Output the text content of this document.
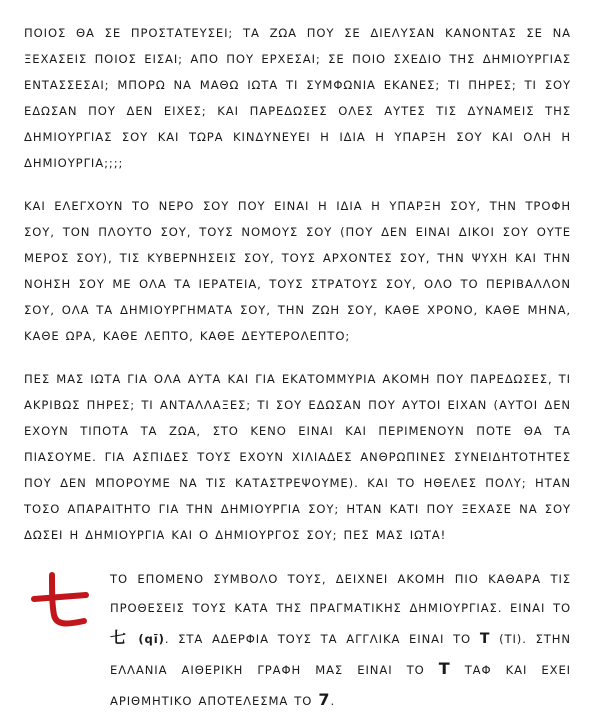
ΠΟΙΟΣ ΘΑ ΣΕ ΠΡΟΣΤΑΤΕΥΣΕΙ; ΤΑ ΖΩΑ ΠΟΥ ΣΕ ΔΙΕΛΥΣΑΝ ΚΑΝΟΝΤΑΣ ΣΕ ΝΑ ΞΕΧΑΣΕΙΣ ΠΟΙΟΣ ΕΙΣΑΙ; ΑΠΟ ΠΟΥ ΕΡΧΕΣΑΙ; ΣΕ ΠΟΙΟ ΣΧΕΔΙΟ ΤΗΣ ΔΗΜΙΟΥΡΓΙΑΣ ΕΝΤΑΣΣΕΣΑΙ; ΜΠΟΡΩ ΝΑ ΜΑΘΩ ΙΩΤΑ ΤΙ ΣΥΜΦΩΝΙΑ ΕΚΑΝΕΣ; ΤΙ ΠΗΡΕΣ; ΤΙ ΣΟΥ ΕΔΩΣΑΝ ΠΟΥ ΔΕΝ ΕΙΧΕΣ; ΚΑΙ ΠΑΡΕΔΩΣΕΣ ΟΛΕΣ ΑΥΤΕΣ ΤΙΣ ΔΥΝΑΜΕΙΣ ΤΗΣ ΔΗΜΙΟΥΡΓΙΑΣ ΣΟΥ ΚΑΙ ΤΩΡΑ ΚΙΝΔΥΝΕΥΕΙ Η ΙΔΙΑ Η ΥΠΑΡΞΗ ΣΟΥ ΚΑΙ ΟΛΗ Η ΔΗΜΙΟΥΡΓΙΑ;;;;

ΚΑΙ ΕΛΕΓΧΟΥΝ ΤΟ ΝΕΡΟ ΣΟΥ ΠΟΥ ΕΙΝΑΙ Η ΙΔΙΑ Η ΥΠΑΡΞΗ ΣΟΥ, ΤΗΝ ΤΡΟΦΗ ΣΟΥ, ΤΟΝ ΠΛΟΥΤΟ ΣΟΥ, ΤΟΥΣ ΝΟΜΟΥΣ ΣΟΥ (ΠΟΥ ΔΕΝ ΕΙΝΑΙ ΔΙΚΟΙ ΣΟΥ ΟΥΤΕ ΜΕΡΟΣ ΣΟΥ), ΤΙΣ ΚΥΒΕΡΝΗΣΕΙΣ ΣΟΥ, ΤΟΥΣ ΑΡΧΟΝΤΕΣ ΣΟΥ, ΤΗΝ ΨΥΧΗ ΚΑΙ ΤΗΝ ΝΟΗΣΗ ΣΟΥ ΜΕ ΟΛΑ ΤΑ ΙΕΡΑΤΕΙΑ, ΤΟΥΣ ΣΤΡΑΤΟΥΣ ΣΟΥ, ΟΛΟ ΤΟ ΠΕΡΙΒΑΛΛΟΝ ΣΟΥ, ΟΛΑ ΤΑ ΔΗΜΙΟΥΡΓΗΜΑΤΑ ΣΟΥ, ΤΗΝ ΖΩΗ ΣΟΥ, ΚΑΘΕ ΧΡΟΝΟ, ΚΑΘΕ ΜΗΝΑ, ΚΑΘΕ ΩΡΑ, ΚΑΘΕ ΛΕΠΤΟ, ΚΑΘΕ ΔΕΥΤΕΡΟΛΕΠΤΟ;

ΠΕΣ ΜΑΣ ΙΩΤΑ ΓΙΑ ΟΛΑ ΑΥΤΑ ΚΑΙ ΓΙΑ ΕΚΑΤΟΜΜΥΡΙΑ ΑΚΟΜΗ ΠΟΥ ΠΑΡΕΔΩΣΕΣ, ΤΙ ΑΚΡΙΒΩΣ ΠΗΡΕΣ; ΤΙ ΑΝΤΑΛΛΑΞΕΣ; ΤΙ ΣΟΥ ΕΔΩΣΑΝ ΠΟΥ ΑΥΤΟΙ ΕΙΧΑΝ (ΑΥΤΟΙ ΔΕΝ ΕΧΟΥΝ ΤΙΠΟΤΑ ΤΑ ΖΩΑ, ΣΤΟ ΚΕΝΟ ΕΙΝΑΙ ΚΑΙ ΠΕΡΙΜΕΝΟΥΝ ΠΟΤΕ ΘΑ ΤΑ ΠΙΑΣΟΥΜΕ. ΓΙΑ ΑΣΠΙΔΕΣ ΤΟΥΣ ΕΧΟΥΝ ΧΙΛΙΑΔΕΣ ΑΝΘΡΩΠΙΝΕΣ ΣΥΝΕΙΔΗΤΟΤΗΤΕΣ ΠΟΥ ΔΕΝ ΜΠΟΡΟΥΜΕ ΝΑ ΤΙΣ ΚΑΤΑΣΤΡΕΨΟΥΜΕ). ΚΑΙ ΤΟ ΗΘΕΛΕΣ ΠΟΛΥ; ΗΤΑΝ ΤΟΣΟ ΑΠΑΡΑΙΤΗΤΟ ΓΙΑ ΤΗΝ ΔΗΜΙΟΥΡΓΙΑ ΣΟΥ; ΗΤΑΝ ΚΑΤΙ ΠΟΥ ΞΕΧΑΣΕ ΝΑ ΣΟΥ ΔΩΣΕΙ Η ΔΗΜΙΟΥΡΓΙΑ ΚΑΙ Ο ΔΗΜΙΟΥΡΓΟΣ ΣΟΥ; ΠΕΣ ΜΑΣ ΙΩΤΑ!

ΤΟ ΕΠΟΜΕΝΟ ΣΥΜΒΟΛΟ ΤΟΥΣ, ΔΕΙΧΝΕΙ ΑΚΟΜΗ ΠΙΟ ΚΑΘΑΡΑ ΤΙΣ ΠΡΟΘΕΣΕΙΣ ΤΟΥΣ ΚΑΤΑ ΤΗΣ ΠΡΑΓΜΑΤΙΚΗΣ ΔΗΜΙΟΥΡΓΙΑΣ. ΕΙΝΑΙ ΤΟ 七 (qī). ΣΤΑ ΑΔΕΡΦΙΑ ΤΟΥΣ ΤΑ ΑΓΓΛΙΚΑ ΕΙΝΑΙ ΤΟ T (TI). ΣΤΗΝ ΕΛΛΑΝΙΑ ΑΙΘΕΡΙΚΗ ΓΡΑΦΗ ΜΑΣ ΕΙΝΑΙ ΤΟ T ΤΑΦ ΚΑΙ ΕΧΕΙ ΑΡΙΘΜΗΤΙΚΟ ΑΠΟΤΕΛΕΣΜΑ ΤΟ 7.
